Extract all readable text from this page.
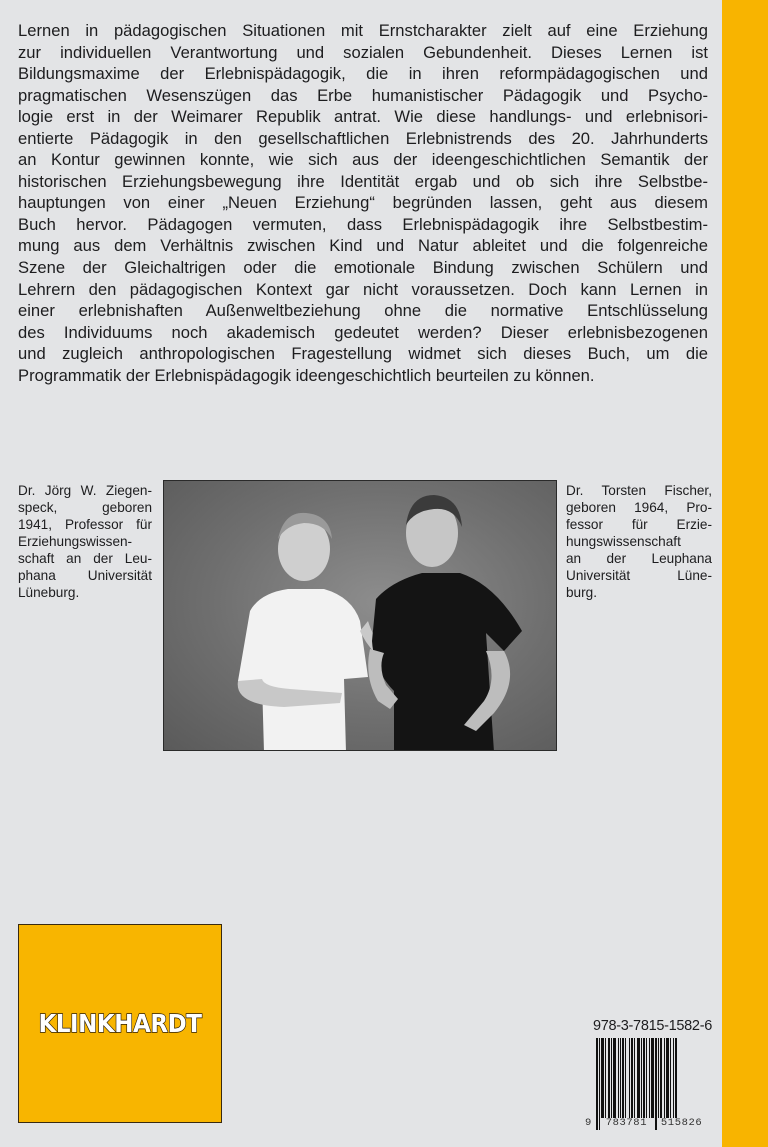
Lernen in pädagogischen Situationen mit Ernstcharakter zielt auf eine Erziehung
zur individuellen Verantwortung und sozialen Gebundenheit. Dieses Lernen ist
Bildungsmaxime der Erlebnispädagogik, die in ihren reformpädagogischen und
pragmatischen Wesenszügen das Erbe humanistischer Pädagogik und Psycho-
logie erst in der Weimarer Republik antrat. Wie diese handlungs- und erlebnisori-
entierte Pädagogik in den gesellschaftlichen Erlebnistrends des 20. Jahrhunderts
an Kontur gewinnen konnte, wie sich aus der ideengeschichtlichen Semantik der
historischen Erziehungsbewegung ihre Identität ergab und ob sich ihre Selbstbe-
hauptungen von einer „Neuen Erziehung“ begründen lassen, geht aus diesem
Buch hervor. Pädagogen vermuten, dass Erlebnispädagogik ihre Selbstbestim-
mung aus dem Verhältnis zwischen Kind und Natur ableitet und die folgenreiche
Szene der Gleichaltrigen oder die emotionale Bindung zwischen Schülern und
Lehrern den pädagogischen Kontext gar nicht voraussetzen. Doch kann Lernen in
einer erlebnishaften Außenweltbeziehung ohne die normative Entschlüsselung
des Individuums noch akademisch gedeutet werden? Dieser erlebnisbezogenen
und zugleich anthropologischen Fragestellung widmet sich dieses Buch, um die
Programmatik der Erlebnispädagogik ideengeschichtlich beurteilen zu können.
Dr. Jörg W. Ziegen-
speck, geboren
1941, Professor für
Erziehungswissen-
schaft an der Leu-
phana Universität
Lüneburg.
Dr. Torsten Fischer,
geboren 1964, Pro-
fessor für Erzie-
hungswissenschaft
an der Leuphana
Universität Lüne-
burg.
KLINKHARDT	978-3-7815-1582-6
9  783781  515826
